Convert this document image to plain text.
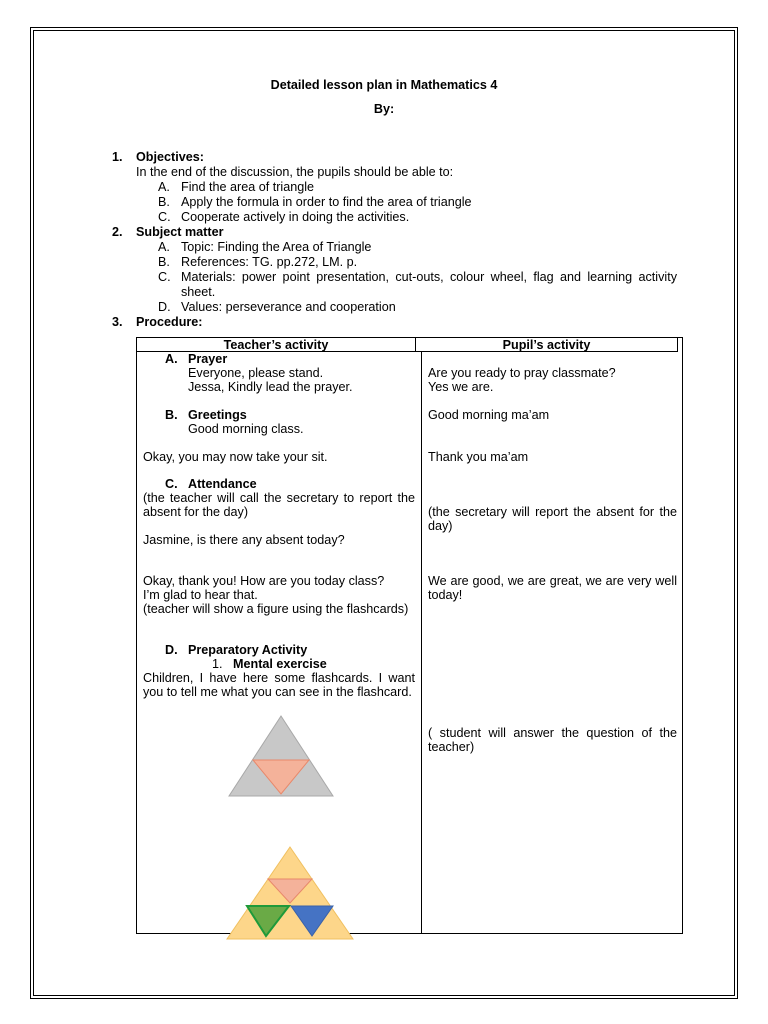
Detailed lesson plan in Mathematics 4
By:
1. Objectives:
In the end of the discussion, the pupils should be able to:
A. Find the area of triangle
B. Apply the formula in order to find the area of triangle
C. Cooperate actively in doing the activities.
2. Subject matter
A. Topic: Finding the Area of Triangle
B. References: TG. pp.272, LM. p.
C. Materials: power point presentation, cut-outs, colour wheel, flag and learning activity sheet.
D. Values: perseverance and cooperation
3. Procedure:
Teacher’s activity	Pupil’s activity
A. Prayer
Everyone, please stand.
Jessa, Kindly lead the prayer.
B. Greetings
Good morning class.
Okay, you may now take your sit.
C. Attendance
(the teacher will call the secretary to report the absent for the day)
Jasmine, is there any absent today?
Okay, thank you! How are you today class?
I’m glad to hear that.
(teacher will show a figure using the flashcards)
D. Preparatory Activity
1. Mental exercise
Children, I have here some flashcards. I want you to tell me what you can see in the flashcard.
Are you ready to pray classmate?
Yes we are.
Good morning ma’am
Thank you ma’am
(the secretary will report the absent for the day)
We are good, we are great, we are very well today!
( student will answer the question of the teacher)
